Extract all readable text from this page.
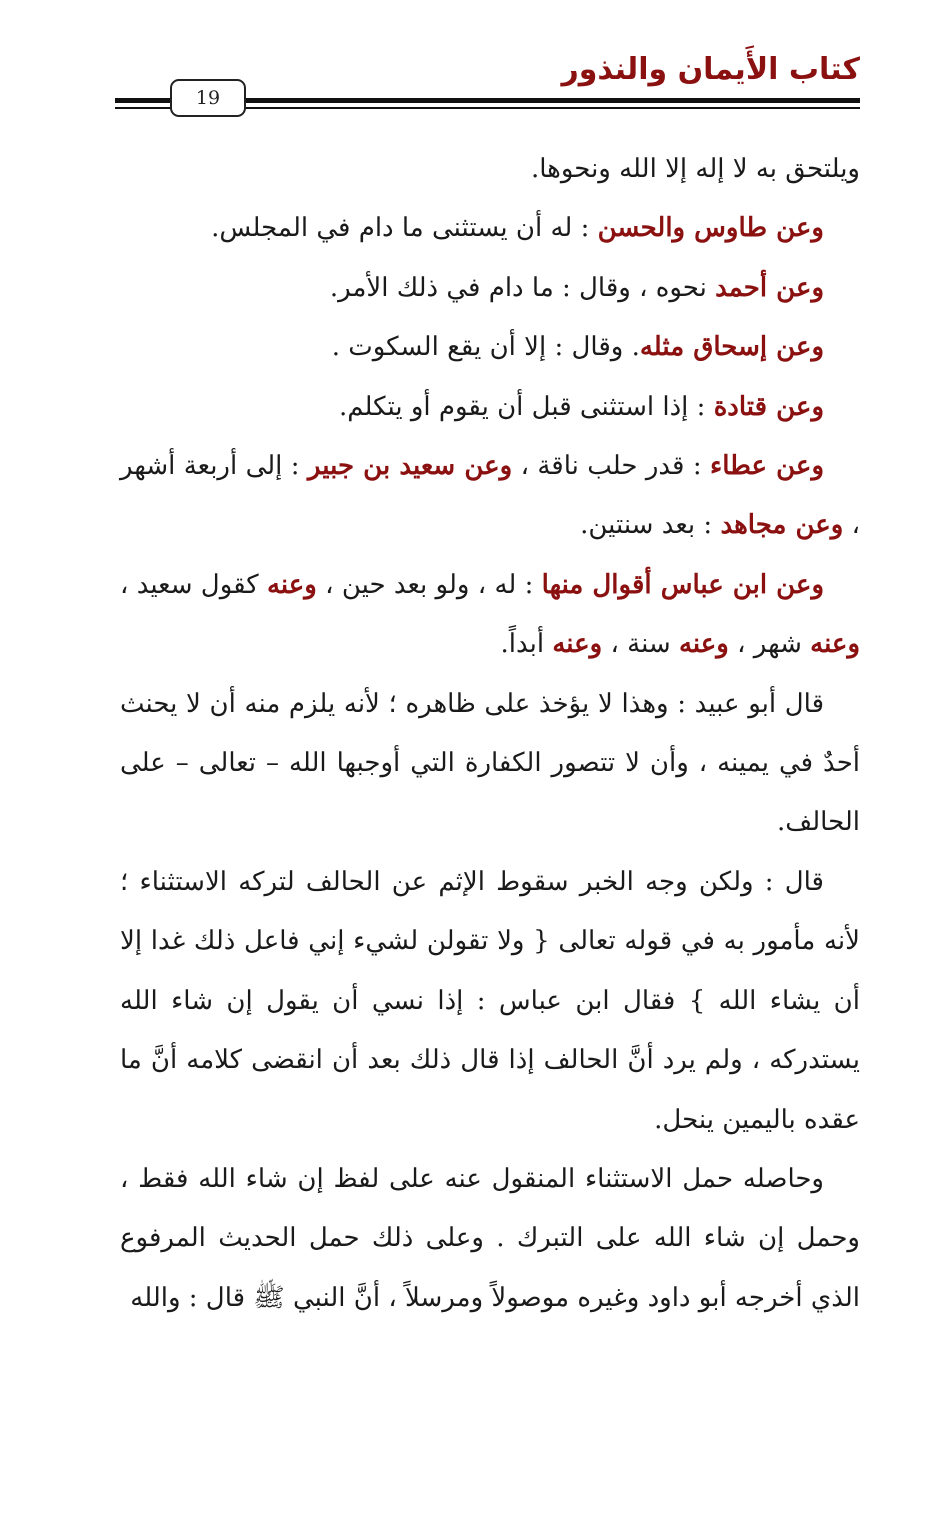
كتاب الأَيمان والنذور
19

ويلتحق به لا إله إلا الله ونحوها.

وعن طاوس والحسن : له أن يستثنى ما دام في المجلس.

وعن أحمد نحوه ، وقال : ما دام في ذلك الأمر.

وعن إسحاق مثله. وقال : إلا أن يقع السكوت .

وعن قتادة : إذا استثنى قبل أن يقوم أو يتكلم.

وعن عطاء : قدر حلب ناقة ، وعن سعيد بن جبير : إلى أربعة أشهر ، وعن مجاهد : بعد سنتين.

وعن ابن عباس أقوال منها : له ، ولو بعد حين ، وعنه كقول سعيد ، وعنه شهر ، وعنه سنة ، وعنه أبداً.

قال أبو عبيد : وهذا لا يؤخذ على ظاهره ؛ لأنه يلزم منه أن لا يحنث أحدٌ في يمينه ، وأن لا تتصور الكفارة التي أوجبها الله – تعالى – على الحالف.

قال : ولكن وجه الخبر سقوط الإثم عن الحالف لتركه الاستثناء ؛ لأنه مأمور به في قوله تعالى { ولا تقولن لشيء إني فاعل ذلك غدا إلا أن يشاء الله } فقال ابن عباس : إذا نسي أن يقول إن شاء الله يستدركه ، ولم يرد أنَّ الحالف إذا قال ذلك بعد أن انقضى كلامه أنَّ ما عقده باليمين ينحل.

وحاصله حمل الاستثناء المنقول عنه على لفظ إن شاء الله فقط ، وحمل إن شاء الله على التبرك . وعلى ذلك حمل الحديث المرفوع الذي أخرجه أبو داود وغيره موصولاً ومرسلاً ، أنَّ النبي ﷺ قال : والله
